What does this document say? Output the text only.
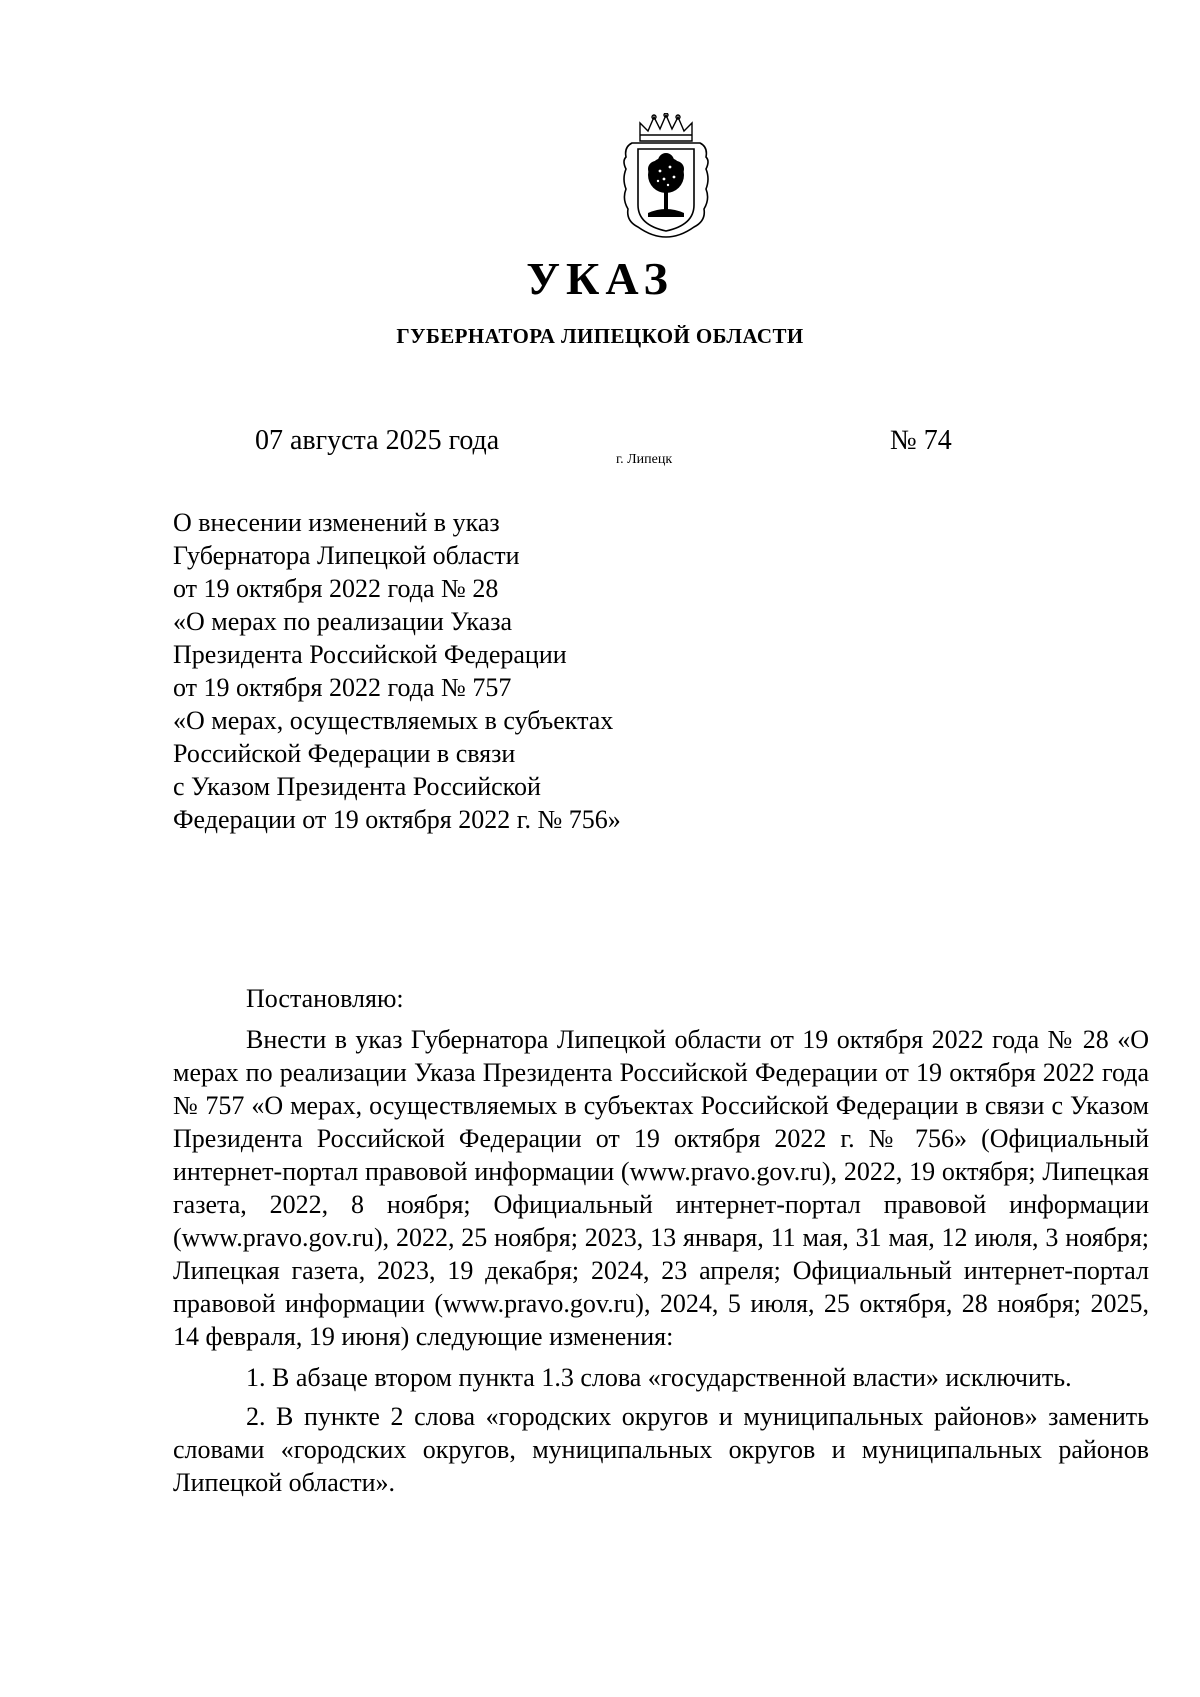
УКАЗ
ГУБЕРНАТОРА ЛИПЕЦКОЙ ОБЛАСТИ
07 августа 2025 года
г. Липецк
№ 74
О внесении изменений в указ
Губернатора Липецкой области
от 19 октября 2022 года № 28
«О мерах по реализации Указа
Президента Российской Федерации
от 19 октября 2022 года № 757
«О мерах, осуществляемых в субъектах
Российской Федерации в связи
с Указом Президента Российской
Федерации от 19 октября 2022 г. № 756»

Постановляю:

Внести в указ Губернатора Липецкой области от 19 октября 2022 года № 28 «О мерах по реализации Указа Президента Российской Федерации от 19 октября 2022 года № 757 «О мерах, осуществляемых в субъектах Российской Федерации в связи с Указом Президента Российской Федерации от 19 октября 2022 г. № 756» (Официальный интернет-портал правовой информации (www.pravo.gov.ru), 2022, 19 октября; Липецкая газета, 2022, 8 ноября; Официальный интернет-портал правовой информации (www.pravo.gov.ru), 2022, 25 ноября; 2023, 13 января, 11 мая, 31 мая, 12 июля, 3 ноября; Липецкая газета, 2023, 19 декабря; 2024, 23 апреля; Официальный интернет-портал правовой информации (www.pravo.gov.ru), 2024, 5 июля, 25 октября, 28 ноября; 2025, 14 февраля, 19 июня) следующие изменения:

1. В абзаце втором пункта 1.3 слова «государственной власти» исключить.

2. В пункте 2 слова «городских округов и муниципальных районов» заменить словами «городских округов, муниципальных округов и муниципальных районов Липецкой области».
